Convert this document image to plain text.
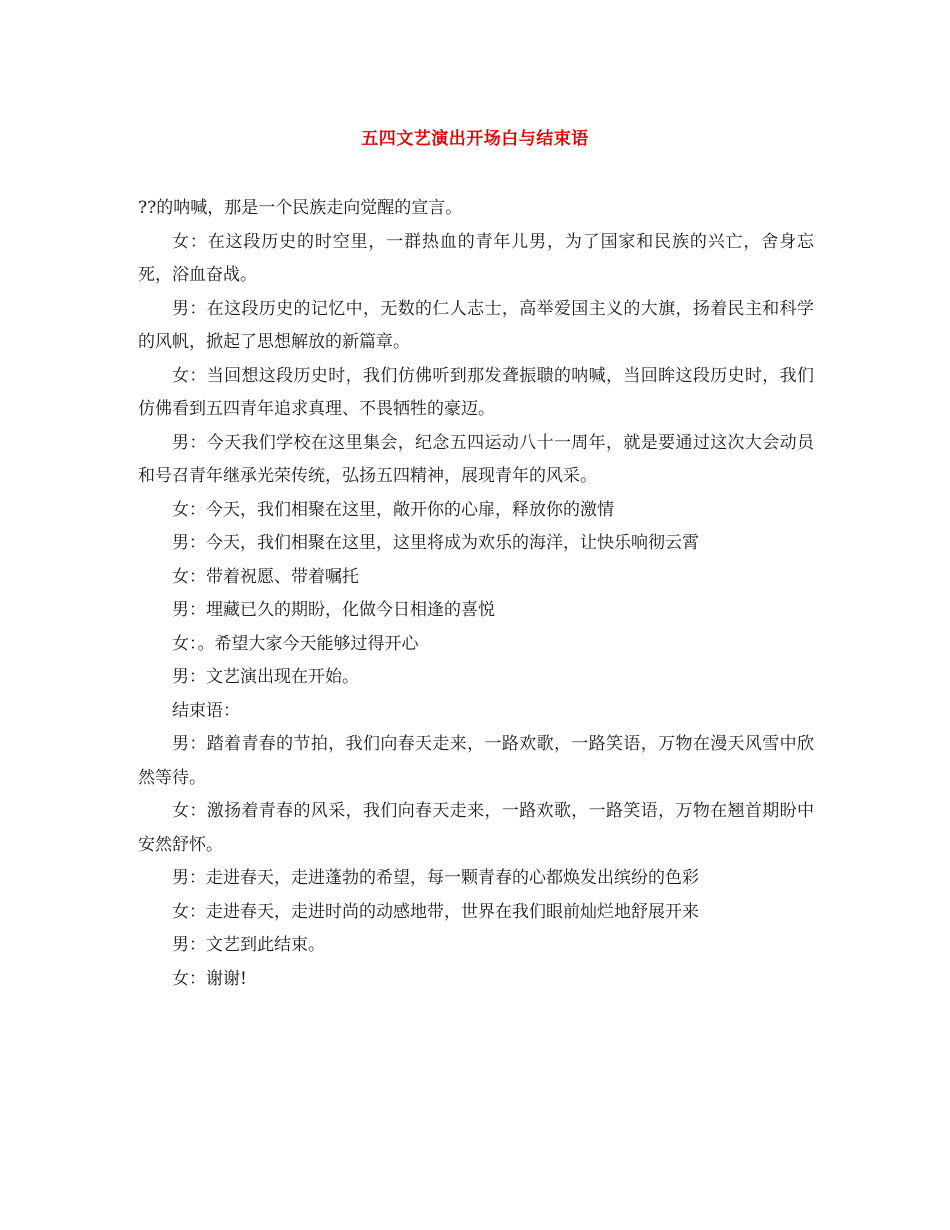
五四文艺演出开场白与结束语

??的呐喊，那是一个民族走向觉醒的宣言。

女：在这段历史的时空里，一群热血的青年儿男，为了国家和民族的兴亡，舍身忘死，浴血奋战。

男：在这段历史的记忆中，无数的仁人志士，高举爱国主义的大旗，扬着民主和科学的风帆，掀起了思想解放的新篇章。

女：当回想这段历史时，我们仿佛听到那发聋振聩的呐喊，当回眸这段历史时，我们仿佛看到五四青年追求真理、不畏牺牲的豪迈。

男：今天我们学校在这里集会，纪念五四运动八十一周年，就是要通过这次大会动员和号召青年继承光荣传统，弘扬五四精神，展现青年的风采。

女：今天，我们相聚在这里，敞开你的心扉，释放你的激情

男：今天，我们相聚在这里，这里将成为欢乐的海洋，让快乐响彻云霄

女：带着祝愿、带着嘱托

男：埋藏已久的期盼，化做今日相逢的喜悦

女：。希望大家今天能够过得开心

男：文艺演出现在开始。

结束语：

男：踏着青春的节拍，我们向春天走来，一路欢歌，一路笑语，万物在漫天风雪中欣然等待。

女：激扬着青春的风采，我们向春天走来，一路欢歌，一路笑语，万物在翘首期盼中安然舒怀。

男：走进春天，走进蓬勃的希望，每一颗青春的心都焕发出缤纷的色彩

女：走进春天，走进时尚的动感地带，世界在我们眼前灿烂地舒展开来

男：文艺到此结束。

女：谢谢!
